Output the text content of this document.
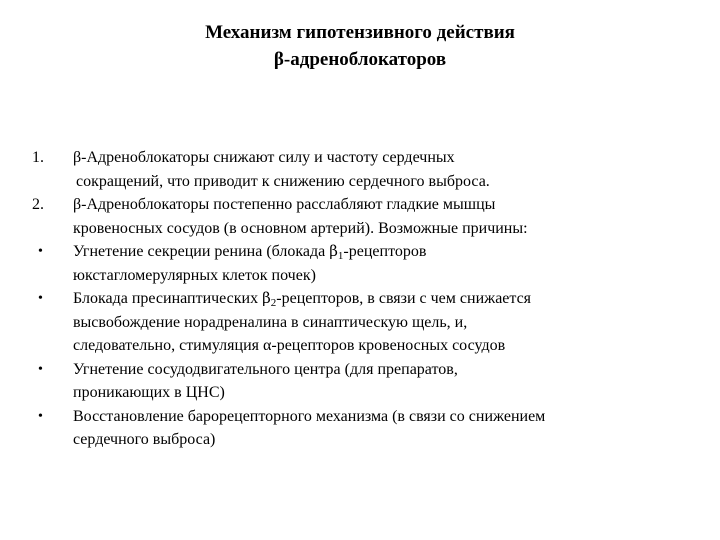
Механизм гипотензивного действия
β-адреноблокаторов
1.	β-Адреноблокаторы снижают силу и частоту сердечных
сокращений, что приводит к снижению сердечного выброса.
2.	β-Адреноблокаторы постепенно расслабляют гладкие мышцы
кровеносных сосудов (в основном артерий). Возможные причины:
•	Угнетение секреции ренина (блокада $\beta_1$-рецепторов
юкстагломерулярных клеток почек)
•	Блокада пресинаптических $\beta_2$-рецепторов, в связи с чем снижается
высвобождение норадреналина в синаптическую щель, и,
следовательно, стимуляция α-рецепторов кровеносных сосудов
•	Угнетение сосудодвигательного центра (для препаратов,
проникающих в ЦНС)
•	Восстановление барорецепторного механизма (в связи со снижением
сердечного выброса)
